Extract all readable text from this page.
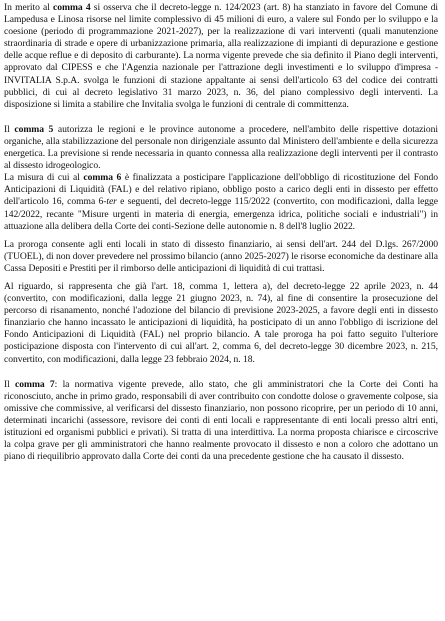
In merito al comma 4 si osserva che il decreto-legge n. 124/2023 (art. 8) ha stanziato in favore del Comune di Lampedusa e Linosa risorse nel limite complessivo di 45 milioni di euro, a valere sul Fondo per lo sviluppo e la coesione (periodo di programmazione 2021-2027), per la realizzazione di vari interventi (quali manutenzione straordinaria di strade e opere di urbanizzazione primaria, alla realizzazione di impianti di depurazione e gestione delle acque reflue e di deposito di carburante). La norma vigente prevede che sia definito il Piano degli interventi, approvato dal CIPESS e che l'Agenzia nazionale per l'attrazione degli investimenti e lo sviluppo d'impresa - INVITALIA S.p.A. svolga le funzioni di stazione appaltante ai sensi dell'articolo 63 del codice dei contratti pubblici, di cui al decreto legislativo 31 marzo 2023, n. 36, del piano complessivo degli interventi. La disposizione si limita a stabilire che Invitalia svolga le funzioni di centrale di committenza.

Il comma 5 autorizza le regioni e le province autonome a procedere, nell'ambito delle rispettive dotazioni organiche, alla stabilizzazione del personale non dirigenziale assunto dal Ministero dell'ambiente e della sicurezza energetica. La previsione si rende necessaria in quanto connessa alla realizzazione degli interventi per il contrasto al dissesto idrogeologico.

La misura di cui al comma 6 è finalizzata a posticipare l'applicazione dell'obbligo di ricostituzione del Fondo Anticipazioni di Liquidità (FAL) e del relativo ripiano, obbligo posto a carico degli enti in dissesto per effetto dell'articolo 16, comma 6-ter e seguenti, del decreto-legge 115/2022 (convertito, con modificazioni, dalla legge 142/2022, recante "Misure urgenti in materia di energia, emergenza idrica, politiche sociali e industriali") in attuazione alla delibera della Corte dei conti-Sezione delle autonomie n. 8 dell'8 luglio 2022.

La proroga consente agli enti locali in stato di dissesto finanziario, ai sensi dell'art. 244 del D.lgs. 267/2000 (TUOEL), di non dover prevedere nel prossimo bilancio (anno 2025-2027) le risorse economiche da destinare alla Cassa Depositi e Prestiti per il rimborso delle anticipazioni di liquidità di cui trattasi.

Al riguardo, si rappresenta che già l'art. 18, comma 1, lettera a), del decreto-legge 22 aprile 2023, n. 44 (convertito, con modificazioni, dalla legge 21 giugno 2023, n. 74), al fine di consentire la prosecuzione del percorso di risanamento, nonché l'adozione del bilancio di previsione 2023-2025, a favore degli enti in dissesto finanziario che hanno incassato le anticipazioni di liquidità, ha posticipato di un anno l'obbligo di iscrizione del Fondo Anticipazioni di Liquidità (FAL) nel proprio bilancio. A tale proroga ha poi fatto seguito l'ulteriore posticipazione disposta con l'intervento di cui all'art. 2, comma 6, del decreto-legge 30 dicembre 2023, n. 215, convertito, con modificazioni, dalla legge 23 febbraio 2024, n. 18.

Il comma 7: la normativa vigente prevede, allo stato, che gli amministratori che la Corte dei Conti ha riconosciuto, anche in primo grado, responsabili di aver contribuito con condotte dolose o gravemente colpose, sia omissive che commissive, al verificarsi del dissesto finanziario, non possono ricoprire, per un periodo di 10 anni, determinati incarichi (assessore, revisore dei conti di enti locali e rappresentante di enti locali presso altri enti, istituzioni ed organismi pubblici e privati). Si tratta di una interdittiva. La norma proposta chiarisce e circoscrive la colpa grave per gli amministratori che hanno realmente provocato il dissesto e non a coloro che adottano un piano di riequilibrio approvato dalla Corte dei conti da una precedente gestione che ha causato il dissesto.
